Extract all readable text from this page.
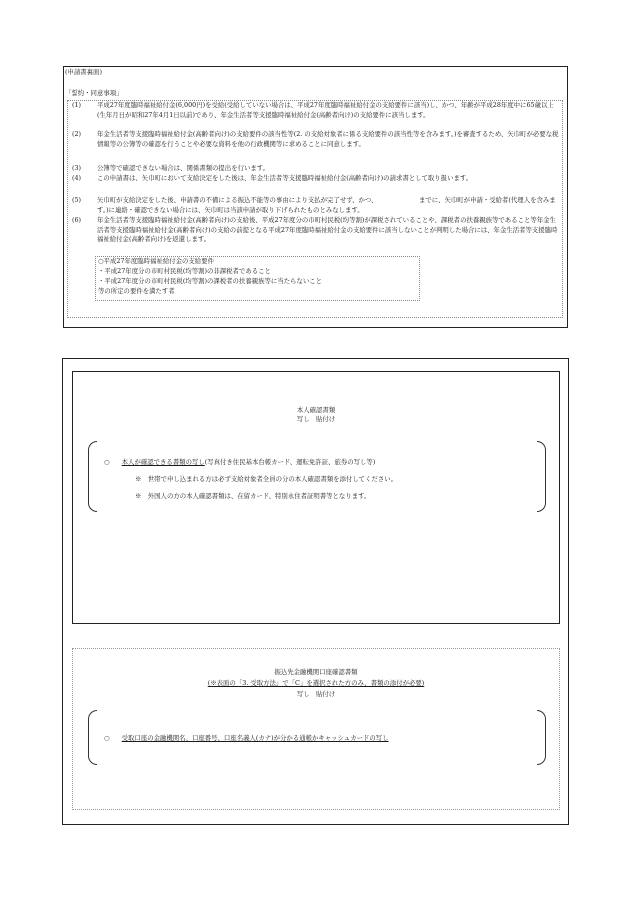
(申請書裏面)
「誓約・同意事項」
(1)	平成27年度臨時福祉給付金(6,000円)を受給(受給していない場合は、平成27年度臨時福祉給付金の支給要件に該当)し、かつ、年齢が平成28年度中に65歳以上(生年月日が昭和27年4月1日以前)であり、年金生活者等支援臨時福祉給付金(高齢者向け)の支給要件に該当します。
(2)	年金生活者等支援臨時福祉給付金(高齢者向け)の支給要件の該当性等(2. の支給対象者に係る支給要件の該当性等を含みます。)を審査するため、矢巾町が必要な税情報等の公簿等の確認を行うことや必要な資料を他の行政機関等に求めることに同意します。
(3)	公簿等で確認できない場合は、関係書類の提出を行います。
(4)	この申請書は、矢巾町において支給決定をした後は、年金生活者等支援臨時福祉給付金(高齢者向け)の請求書として取り扱います。
(5)	矢巾町が支給決定をした後、申請書の不備による振込不能等の事由により支払が完了せず、かつ、　　　　　　　までに、矢巾町が申請・受給者(代理人を含みます。)に連絡・確認できない場合には、矢巾町は当該申請が取り下げられたものとみなします。
(6)	年金生活者等支援臨時福祉給付金(高齢者向け)の支給後、平成27年度分の市町村民税(均等割)が課税されていることや、課税者の扶養親族等であること等年金生活者等支援臨時福祉給付金(高齢者向け)の支給の前提となる平成27年度臨時福祉給付金の支給要件に該当しないことが判明した場合には、年金生活者等支援臨時福祉給付金(高齢者向け)を返還します。
○平成27年度臨時福祉給付金の支給要件
・平成27年度分の市町村民税(均等割)の非課税者であること
・平成27年度分の市町村民税(均等割)の課税者の扶養親族等に当たらないこと
等の所定の要件を満たす者
本人確認書類
写し　貼付け
○ 本人が確認できる書類の写し(写真付き住民基本台帳カード、運転免許証、旅券の写し等)
※　世帯で申し込まれる方は必ず支給対象者全員の分の本人確認書類を添付してください。
※　外国人の方の本人確認書類は、在留カード、特別永住者証明書等となります。
振込先金融機関口座確認書類
(※表面の「3. 受取方法」で「C」を選択された方のみ、書類の添付が必要)
写し　貼付け
○ 受取口座の金融機関名、口座番号、口座名義人(カナ)が分かる通帳かキャッシュカードの写し
